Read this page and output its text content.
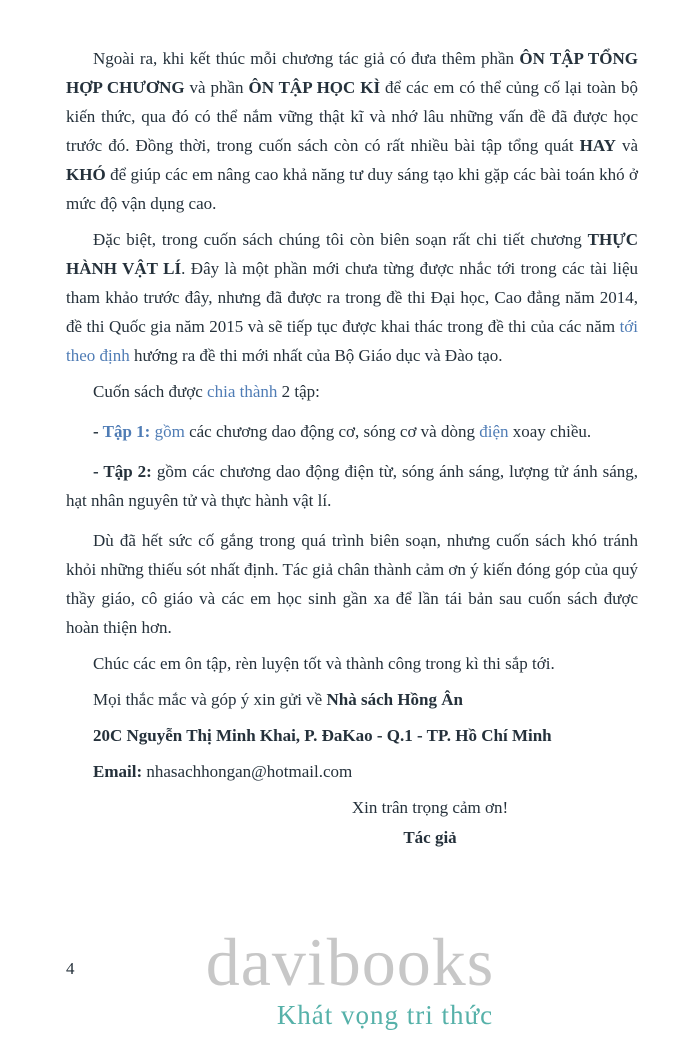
Ngoài ra, khi kết thúc mỗi chương tác giả có đưa thêm phần ÔN TẬP TỔNG HỢP CHƯƠNG và phần ÔN TẬP HỌC KÌ để các em có thể củng cố lại toàn bộ kiến thức, qua đó có thể nắm vững thật kĩ và nhớ lâu những vấn đề đã được học trước đó. Đồng thời, trong cuốn sách còn có rất nhiều bài tập tổng quát HAY và KHÓ để giúp các em nâng cao khả năng tư duy sáng tạo khi gặp các bài toán khó ở mức độ vận dụng cao.

Đặc biệt, trong cuốn sách chúng tôi còn biên soạn rất chi tiết chương THỰC HÀNH VẬT LÍ. Đây là một phần mới chưa từng được nhắc tới trong các tài liệu tham khảo trước đây, nhưng đã được ra trong đề thi Đại học, Cao đẳng năm 2014, đề thi Quốc gia năm 2015 và sẽ tiếp tục được khai thác trong đề thi của các năm tới theo định hướng ra đề thi mới nhất của Bộ Giáo dục và Đào tạo.

Cuốn sách được chia thành 2 tập:

- Tập 1: gồm các chương dao động cơ, sóng cơ và dòng điện xoay chiều.

- Tập 2: gồm các chương dao động điện từ, sóng ánh sáng, lượng tử ánh sáng, hạt nhân nguyên tử và thực hành vật lí.

Dù đã hết sức cố gắng trong quá trình biên soạn, nhưng cuốn sách khó tránh khỏi những thiếu sót nhất định. Tác giả chân thành cảm ơn ý kiến đóng góp của quý thầy giáo, cô giáo và các em học sinh gần xa để lần tái bản sau cuốn sách được hoàn thiện hơn.

Chúc các em ôn tập, rèn luyện tốt và thành công trong kì thi sắp tới.

Mọi thắc mắc và góp ý xin gửi về Nhà sách Hồng Ân

20C Nguyễn Thị Minh Khai, P. ĐaKao - Q.1 - TP. Hồ Chí Minh

Email: nhasachhongan@hotmail.com

Xin trân trọng cảm ơn!
Tác giả
4	davibooks
Khát vọng tri thức
